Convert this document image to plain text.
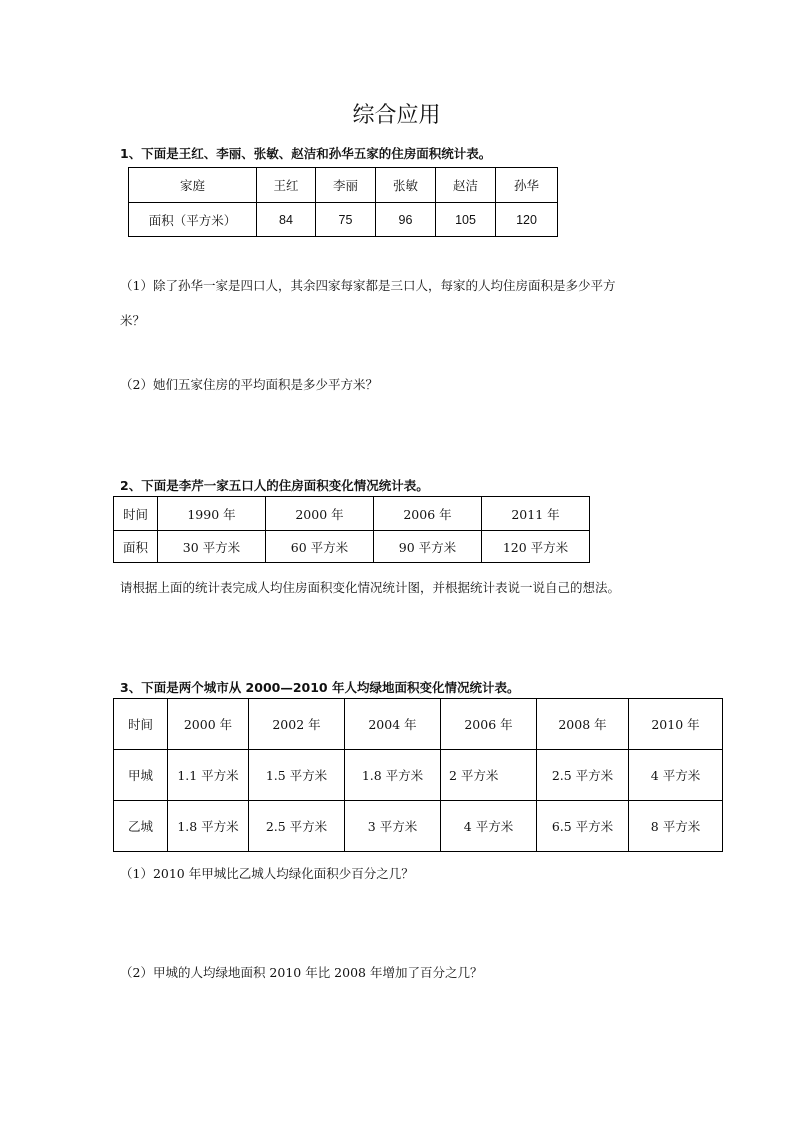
综合应用
1、下面是王红、李丽、张敏、赵洁和孙华五家的住房面积统计表。
家庭	王红	李丽	张敏	赵洁	孙华
面积（平方米）	84	75	96	105	120
（1）除了孙华一家是四口人，其余四家每家都是三口人，每家的人均住房面积是多少平方
米？
（2）她们五家住房的平均面积是多少平方米？
2、下面是李芹一家五口人的住房面积变化情况统计表。
时间	1990 年	2000 年	2006 年	2011 年
面积	30 平方米	60 平方米	90 平方米	120 平方米
请根据上面的统计表完成人均住房面积变化情况统计图，并根据统计表说一说自己的想法。
3、下面是两个城市从 2000—2010 年人均绿地面积变化情况统计表。
时间	2000 年	2002 年	2004 年	2006 年	2008 年	2010 年
甲城	1.1 平方米	1.5 平方米	1.8 平方米	2 平方米	2.5 平方米	4 平方米
乙城	1.8 平方米	2.5 平方米	3 平方米	4 平方米	6.5 平方米	8 平方米
（1）2010 年甲城比乙城人均绿化面积少百分之几？
（2）甲城的人均绿地面积 2010 年比 2008 年增加了百分之几？
